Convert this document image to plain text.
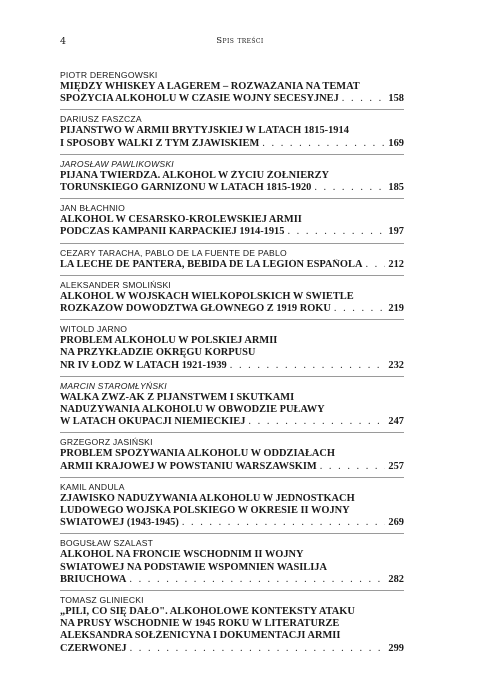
4	Spis treści
PIOTR DERENGOWSKI
MIĘDZY WHISKEY A LAGEREM – ROZWAŻANIA NA TEMAT
SPOŻYCIA ALKOHOLU W CZASIE WOJNY SECESYJNEJ . . .	158
DARIUSZ FASZCZA
PIJAŃSTWO W ARMII BRYTYJSKIEJ W LATACH 1815-1914
I SPOSOBY WALKI Z TYM ZJAWISKIEM . . .	169
JAROSŁAW PAWLIKOWSKI
PIJANA TWIERDZA. ALKOHOL W ŻYCIU ŻOŁNIERZY
TORUŃSKIEGO GARNIZONU W LATACH 1815-1920 . . .	185
JAN BŁACHNIO
ALKOHOL W CESARSKO-KRÓLEWSKIEJ ARMII
PODCZAS KAMPANII KARPACKIEJ 1914-1915 . . .	197
CEZARY TARACHA, PABLO DE LA FUENTE DE PABLO
LA LECHE DE PANTERA, BEBIDA DE LA LEGIÓN ESPAÑOLA . . . 212
ALEKSANDER SMOLIŃSKI
ALKOHOL W WOJSKACH WIELKOPOLSKICH W ŚWIETLE
ROZKAZÓW DOWÓDZTWA GŁÓWNEGO Z 1919 ROKU . . .	219
WITOLD JARNO
PROBLEM ALKOHOLU W POLSKIEJ ARMII
NA PRZYKŁADZIE OKRĘGU KORPUSU
NR IV ŁÓDŹ W LATACH 1921-1939 . . .	232
MARCIN STAROMŁYŃSKI
WALKA ZWZ-AK Z PIJAŃSTWEM I SKUTKAMI
NADUŻYWANIA ALKOHOLU W OBWODZIE PUŁAWY
W LATACH OKUPACJI NIEMIECKIEJ . . .	247
GRZEGORZ JASIŃSKI
PROBLEM SPOŻYWANIA ALKOHOLU W ODDZIAŁACH
ARMII KRAJOWEJ W POWSTANIU WARSZAWSKIM . . .	257
KAMIL ANDULA
ZJAWISKO NADUŻYWANIA ALKOHOLU W JEDNOSTKACH
LUDOWEGO WOJSKA POLSKIEGO W OKRESIE II WOJNY
ŚWIATOWEJ (1943-1945) . . .	269
BOGUSŁAW SZALAST
ALKOHOL NA FRONCIE WSCHODNIM II WOJNY
ŚWIATOWEJ NA PODSTAWIE WSPOMNIEŃ WASILIJA
BRIUCHOWA . . .	282
TOMASZ GLINIECKI
„PILI, CO SIĘ DAŁO". ALKOHOLOWE KONTEKSTY ATAKU
NA PRUSY WSCHODNIE W 1945 ROKU W LITERATURZE
ALEKSANDRA SOŁŻENICYNA I DOKUMENTACJI ARMII
CZERWONEJ . . .	299
